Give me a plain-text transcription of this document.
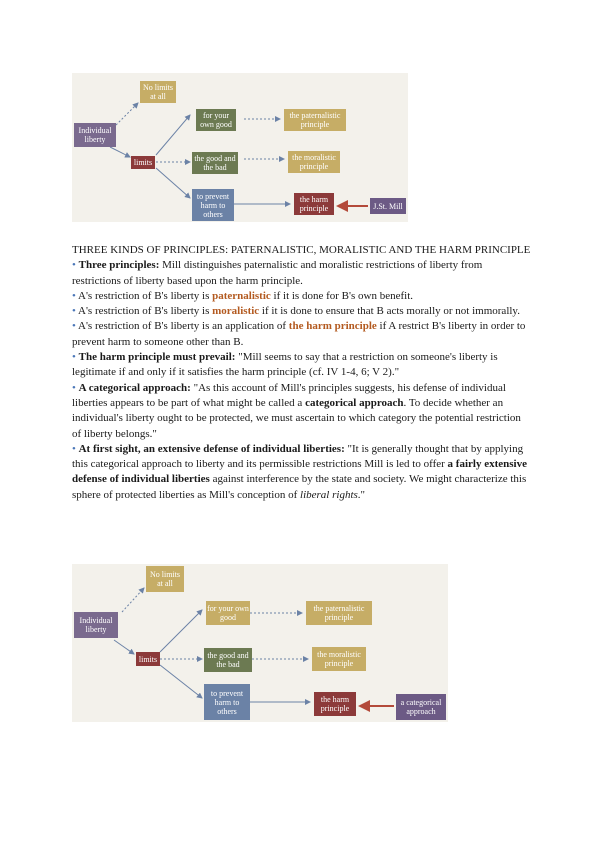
Individual liberty
No limits at all
limits
for your own good
the good and the bad
to prevent harm to others
the paternalistic principle
the moralistic principle
the harm principle	J.St. Mill

THREE KINDS OF PRINCIPLES: PATERNALISTIC, MORALISTIC AND THE HARM PRINCIPLE

• Three principles: Mill distinguishes paternalistic and moralistic restrictions of liberty from restrictions of liberty based upon the harm principle.

• A's restriction of B's liberty is paternalistic if it is done for B's own benefit.

• A's restriction of B's liberty is moralistic if it is done to ensure that B acts morally or not immorally.

• A's restriction of B's liberty is an application of the harm principle if A restrict B's liberty in order to prevent harm to someone other than B.

• The harm principle must prevail: "Mill seems to say that a restriction on someone's liberty is legitimate if and only if it satisfies the harm principle (cf. IV 1-4, 6; V 2)."

• A categorical approach: "As this account of Mill's principles suggests, his defense of individual liberties appears to be part of what might be called a categorical approach. To decide whether an individual's liberty ought to be protected, we must ascertain to which category the potential restriction of liberty belongs."

• At first sight, an extensive defense of individual liberties: "It is generally thought that by applying this categorical approach to liberty and its permissible restrictions Mill is led to offer a fairly extensive defense of individual liberties against interference by the state and society. We might characterize this sphere of protected liberties as Mill's conception of liberal rights."

Individual liberty
No limits at all
limits
for your own good
the good and the bad
to prevent harm to others
the paternalistic principle
the moralistic principle
the harm principle
a categorical approach
